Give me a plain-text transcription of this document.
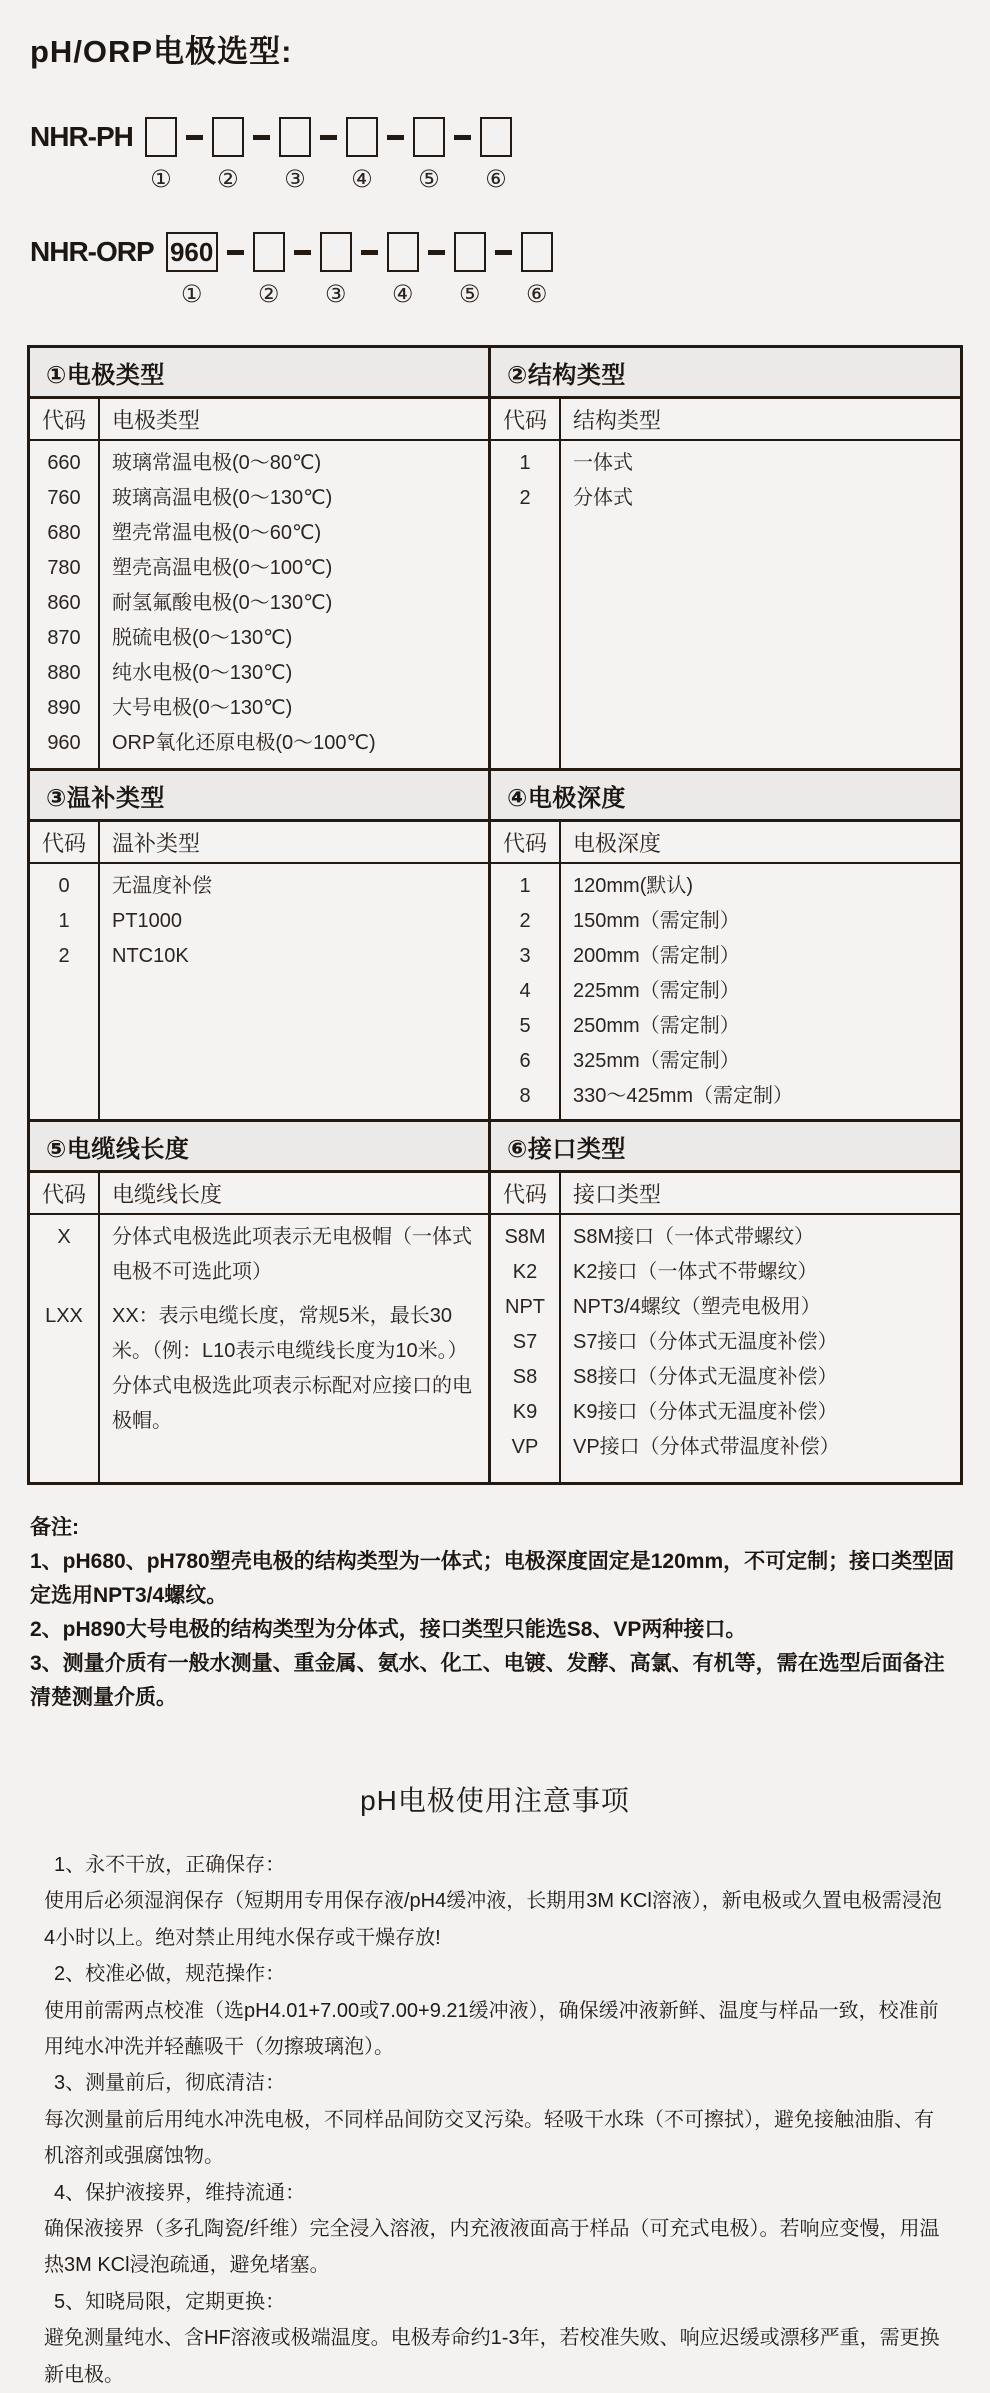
pH/ORP电极选型:
NHR-PH
① ② ③ ④ ⑤ ⑥
NHR-ORP 960
① ② ③ ④ ⑤ ⑥
①电极类型
代码	电极类型
660	玻璃常温电极(0～80℃)
760	玻璃高温电极(0～130℃)
680	塑壳常温电极(0～60℃)
780	塑壳高温电极(0～100℃)
860	耐氢氟酸电极(0～130℃)
870	脱硫电极(0～130℃)
880	纯水电极(0～130℃)
890	大号电极(0～130℃)
960	ORP氧化还原电极(0～100℃)
②结构类型
代码	结构类型
1	一体式
2	分体式
③温补类型
代码	温补类型
0	无温度补偿
1	PT1000
2	NTC10K
④电极深度
代码	电极深度
1	120mm(默认)
2	150mm（需定制）
3	200mm（需定制）
4	225mm（需定制）
5	250mm（需定制）
6	325mm（需定制）
8	330～425mm（需定制）
⑤电缆线长度
代码	电缆线长度
X	分体式电极选此项表示无电极帽（一体式电极不可选此项）
LXX	XX：表示电缆长度，常规5米，最长30米。（例：L10表示电缆线长度为10米。）分体式电极选此项表示标配对应接口的电极帽。
⑥接口类型
代码	接口类型
S8M	S8M接口（一体式带螺纹）
K2	K2接口（一体式不带螺纹）
NPT	NPT3/4螺纹（塑壳电极用）
S7	S7接口（分体式无温度补偿）
S8	S8接口（分体式无温度补偿）
K9	K9接口（分体式无温度补偿）
VP	VP接口（分体式带温度补偿）

备注:

1、pH680、pH780塑壳电极的结构类型为一体式；电极深度固定是120mm，不可定制；接口类型固定选用NPT3/4螺纹。

2、pH890大号电极的结构类型为分体式，接口类型只能选S8、VP两种接口。

3、测量介质有一般水测量、重金属、氨水、化工、电镀、发酵、高氯、有机等，需在选型后面备注清楚测量介质。

pH电极使用注意事项

1、永不干放，正确保存：

使用后必须湿润保存（短期用专用保存液/pH4缓冲液，长期用3M KCl溶液），新电极或久置电极需浸泡4小时以上。绝对禁止用纯水保存或干燥存放!

2、校准必做，规范操作：

使用前需两点校准（选pH4.01+7.00或7.00+9.21缓冲液），确保缓冲液新鲜、温度与样品一致，校准前用纯水冲洗并轻蘸吸干（勿擦玻璃泡）。

3、测量前后，彻底清洁：

每次测量前后用纯水冲洗电极，不同样品间防交叉污染。轻吸干水珠（不可擦拭），避免接触油脂、有机溶剂或强腐蚀物。

4、保护液接界，维持流通：

确保液接界（多孔陶瓷/纤维）完全浸入溶液，内充液液面高于样品（可充式电极）。若响应变慢，用温热3M KCl浸泡疏通，避免堵塞。

5、知晓局限，定期更换：

避免测量纯水、含HF溶液或极端温度。电极寿命约1-3年，若校准失败、响应迟缓或漂移严重，需更换新电极。
